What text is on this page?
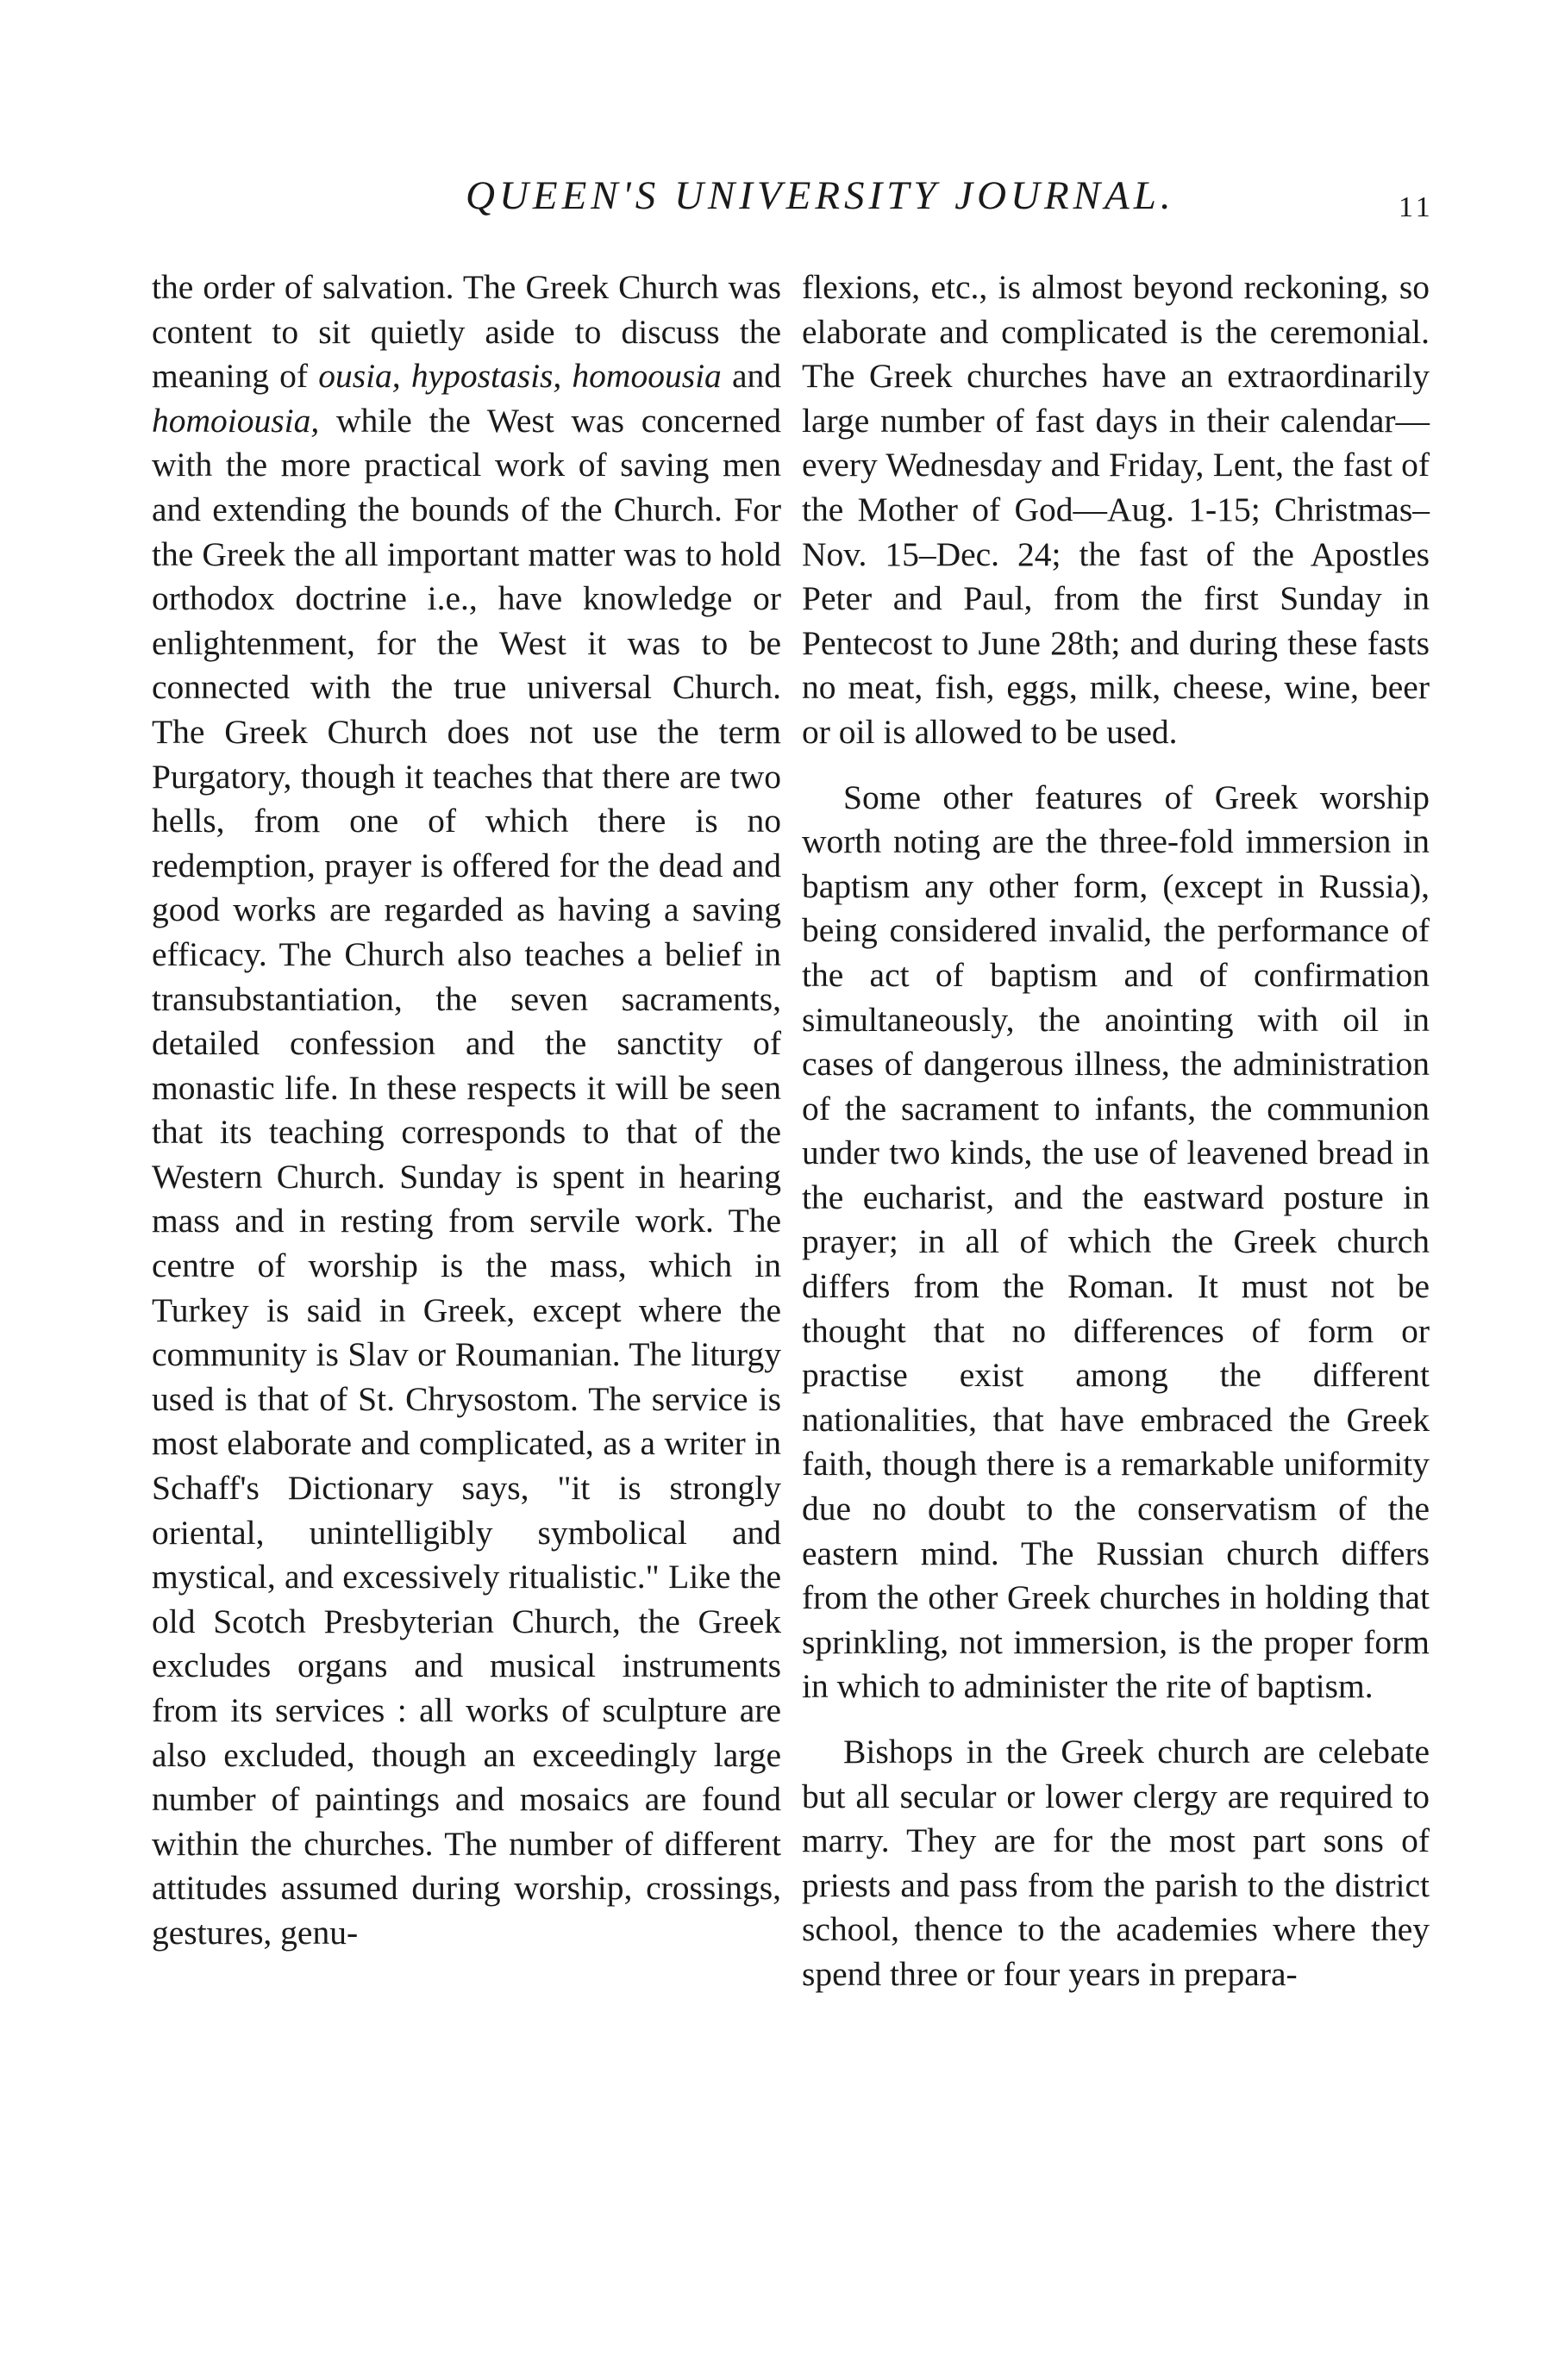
QUEEN'S UNIVERSITY JOURNAL.	11

the order of salvation. The Greek Church was content to sit quietly aside to discuss the meaning of ousia, hypostasis, homoousia and homoiousia, while the West was concerned with the more practical work of saving men and extending the bounds of the Church. For the Greek the all important matter was to hold orthodox doctrine i.e., have knowledge or enlightenment, for the West it was to be connected with the true universal Church. The Greek Church does not use the term Purgatory, though it teaches that there are two hells, from one of which there is no redemption, prayer is offered for the dead and good works are regarded as having a saving efficacy. The Church also teaches a belief in transubstantiation, the seven sacraments, detailed confession and the sanctity of monastic life. In these respects it will be seen that its teaching corresponds to that of the Western Church. Sunday is spent in hearing mass and in resting from servile work. The centre of worship is the mass, which in Turkey is said in Greek, except where the community is Slav or Roumanian. The liturgy used is that of St. Chrysostom. The service is most elaborate and complicated, as a writer in Schaff's Dictionary says, "it is strongly oriental, unintelligibly symbolical and mystical, and excessively ritualistic." Like the old Scotch Presbyterian Church, the Greek excludes organs and musical instruments from its services : all works of sculpture are also excluded, though an exceedingly large number of paintings and mosaics are found within the churches. The number of different attitudes assumed during worship, crossings, gestures, genu-

flexions, etc., is almost beyond reckoning, so elaborate and complicated is the ceremonial. The Greek churches have an extraordinarily large number of fast days in their calendar—every Wednesday and Friday, Lent, the fast of the Mother of God—Aug. 1-15; Christmas–Nov. 15–Dec. 24; the fast of the Apostles Peter and Paul, from the first Sunday in Pentecost to June 28th; and during these fasts no meat, fish, eggs, milk, cheese, wine, beer or oil is allowed to be used.

Some other features of Greek worship worth noting are the three-fold immersion in baptism any other form, (except in Russia), being considered invalid, the performance of the act of baptism and of confirmation simultaneously, the anointing with oil in cases of dangerous illness, the administration of the sacrament to infants, the communion under two kinds, the use of leavened bread in the eucharist, and the eastward posture in prayer; in all of which the Greek church differs from the Roman. It must not be thought that no differences of form or practise exist among the different nationalities, that have embraced the Greek faith, though there is a remarkable uniformity due no doubt to the conservatism of the eastern mind. The Russian church differs from the other Greek churches in holding that sprinkling, not immersion, is the proper form in which to administer the rite of baptism.

Bishops in the Greek church are celebate but all secular or lower clergy are required to marry. They are for the most part sons of priests and pass from the parish to the district school, thence to the academies where they spend three or four years in prepara-
